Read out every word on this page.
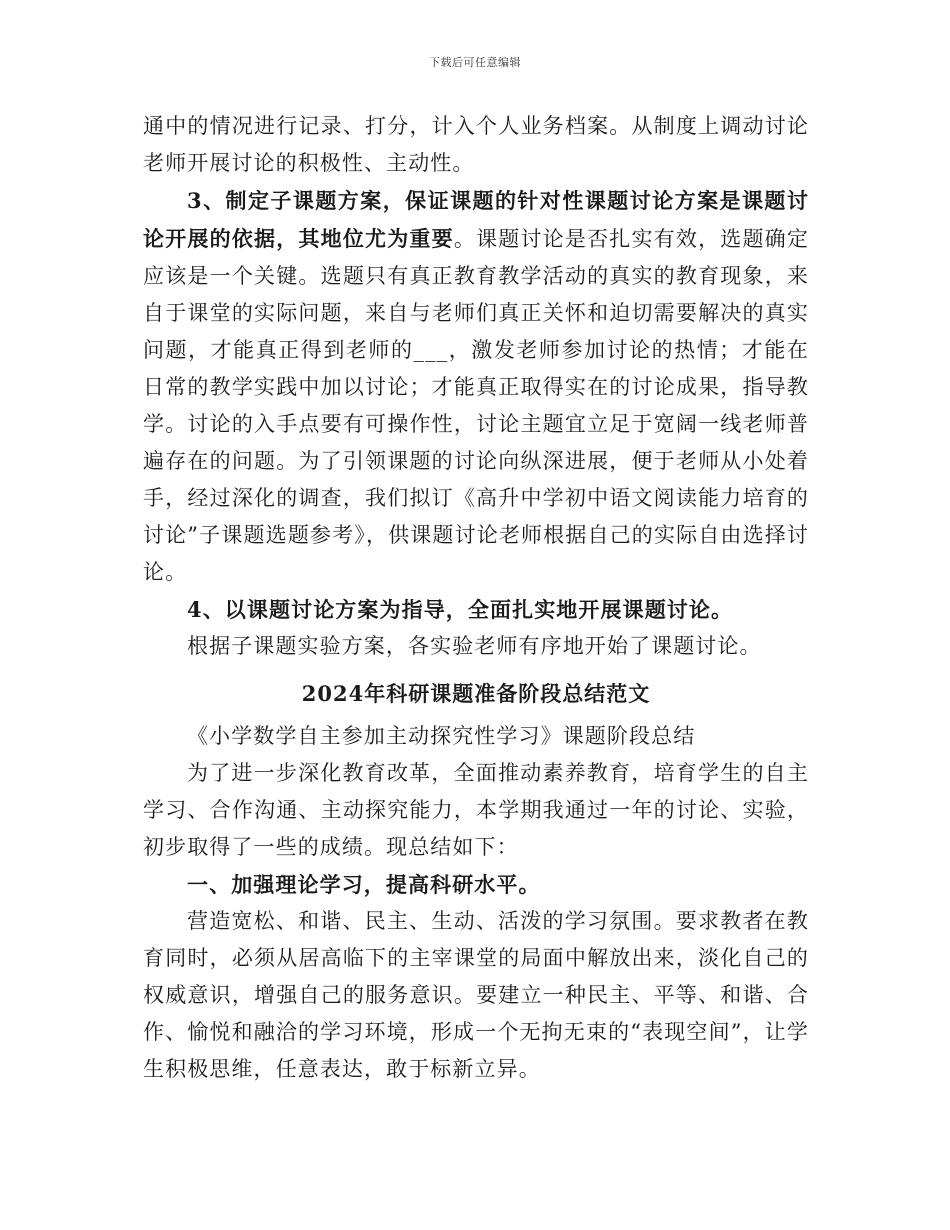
下载后可任意编辑

通中的情况进行记录、打分，计入个人业务档案。从制度上调动讨论老师开展讨论的积极性、主动性。

3、制定子课题方案，保证课题的针对性课题讨论方案是课题讨论开展的依据，其地位尤为重要。课题讨论是否扎实有效，选题确定应该是一个关键。选题只有真正教育教学活动的真实的教育现象，来自于课堂的实际问题，来自与老师们真正关怀和迫切需要解决的真实问题，才能真正得到老师的___，激发老师参加讨论的热情；才能在日常的教学实践中加以讨论；才能真正取得实在的讨论成果，指导教学。讨论的入手点要有可操作性，讨论主题宜立足于宽阔一线老师普遍存在的问题。为了引领课题的讨论向纵深进展，便于老师从小处着手，经过深化的调查，我们拟订《高升中学初中语文阅读能力培育的讨论”子课题选题参考》，供课题讨论老师根据自己的实际自由选择讨论。

4、以课题讨论方案为指导，全面扎实地开展课题讨论。

根据子课题实验方案，各实验老师有序地开始了课题讨论。

2024年科研课题准备阶段总结范文

《小学数学自主参加主动探究性学习》课题阶段总结

为了进一步深化教育改革，全面推动素养教育，培育学生的自主学习、合作沟通、主动探究能力，本学期我通过一年的讨论、实验，初步取得了一些的成绩。现总结如下：

一、加强理论学习，提高科研水平。

营造宽松、和谐、民主、生动、活泼的学习氛围。要求教者在教育同时，必须从居高临下的主宰课堂的局面中解放出来，淡化自己的权威意识，增强自己的服务意识。要建立一种民主、平等、和谐、合作、愉悦和融洽的学习环境，形成一个无拘无束的“表现空间”，让学生积极思维，任意表达，敢于标新立异。
